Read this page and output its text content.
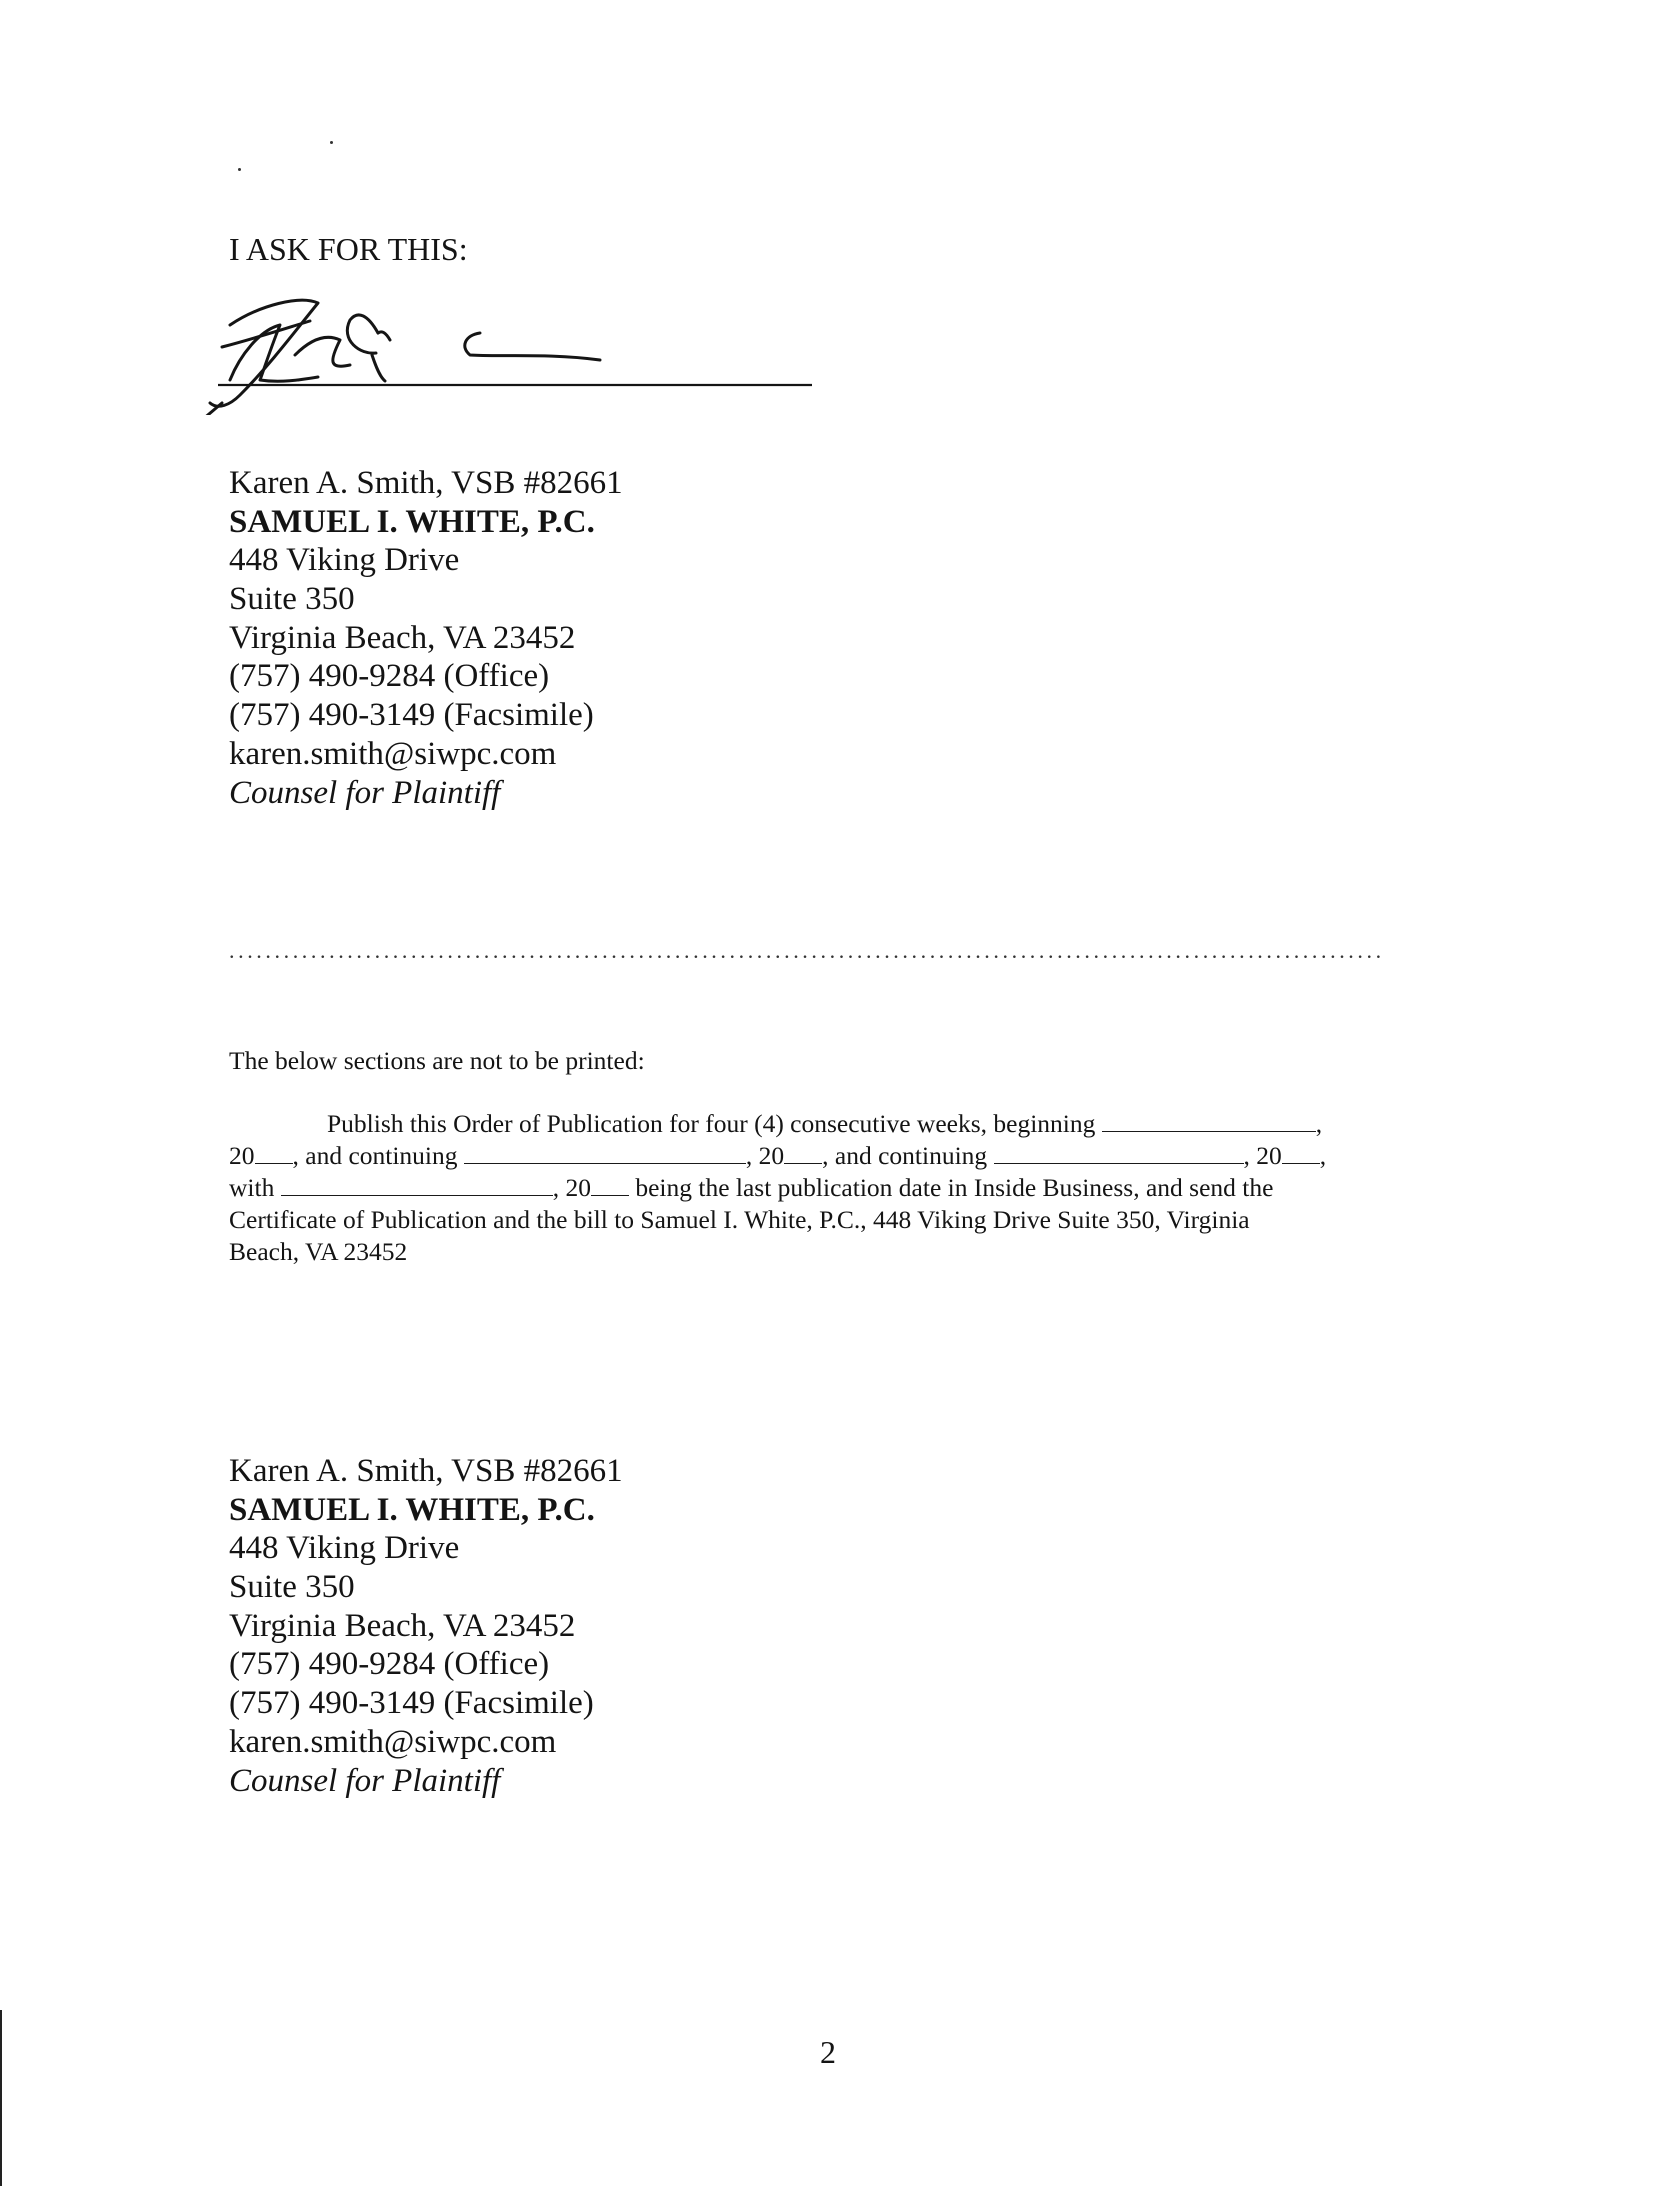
I ASK FOR THIS:
Karen A. Smith, VSB #82661
SAMUEL I. WHITE, P.C.
448 Viking Drive
Suite 350
Virginia Beach, VA 23452
(757) 490-9284 (Office)
(757) 490-3149 (Facsimile)
karen.smith@siwpc.com
Counsel for Plaintiff
...............................................................................................................................
The below sections are not to be printed:
Publish this Order of Publication for four (4) consecutive weeks, beginning	,
20 , and continuing	, 20 , and continuing	, 20 ,
with	, 20 being the last publication date in Inside Business, and send the
Certificate of Publication and the bill to Samuel I. White, P.C., 448 Viking Drive Suite 350, Virginia
Beach, VA 23452
Karen A. Smith, VSB #82661
SAMUEL I. WHITE, P.C.
448 Viking Drive
Suite 350
Virginia Beach, VA 23452
(757) 490-9284 (Office)
(757) 490-3149 (Facsimile)
karen.smith@siwpc.com
Counsel for Plaintiff
2
